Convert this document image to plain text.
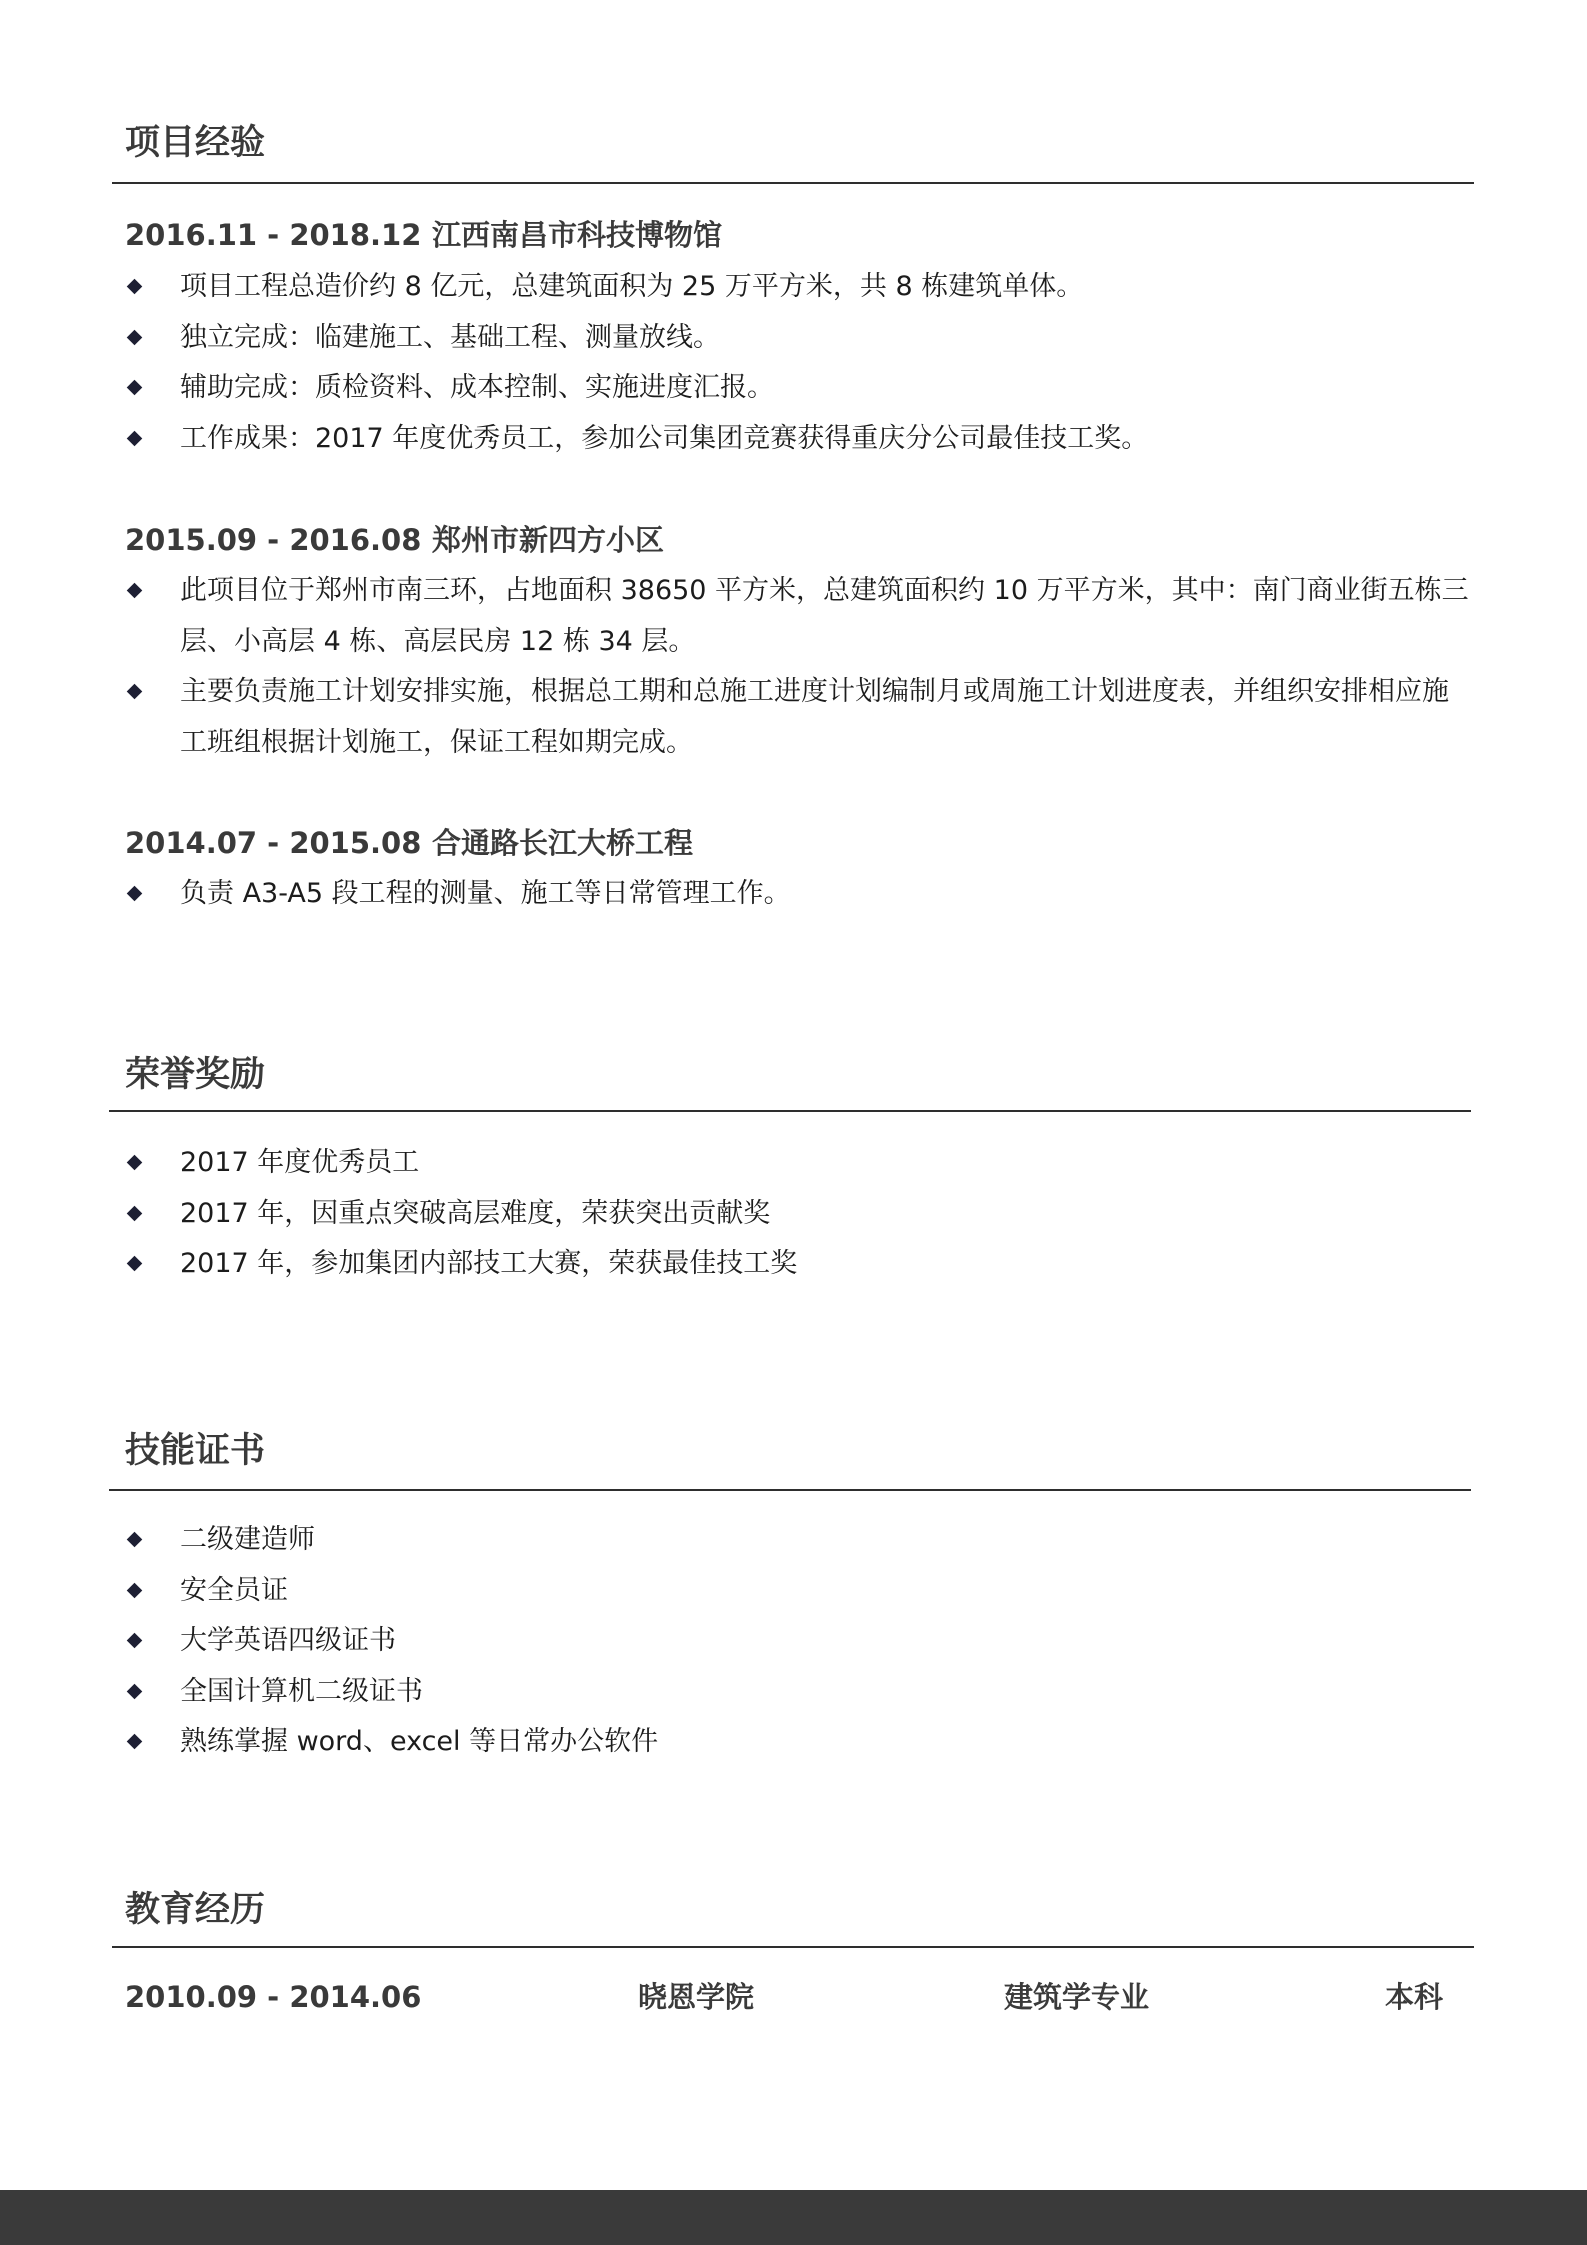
项目经验
2016.11 - 2018.12 江西南昌市科技博物馆
项目工程总造价约 8 亿元，总建筑面积为 25 万平方米，共 8 栋建筑单体。
独立完成：临建施工、基础工程、测量放线。
辅助完成：质检资料、成本控制、实施进度汇报。
工作成果：2017 年度优秀员工，参加公司集团竞赛获得重庆分公司最佳技工奖。
2015.09 - 2016.08 郑州市新四方小区
此项目位于郑州市南三环，占地面积 38650 平方米，总建筑面积约 10 万平方米，其中：南门商业街五栋三层、小高层 4 栋、高层民房 12 栋 34 层。
主要负责施工计划安排实施，根据总工期和总施工进度计划编制月或周施工计划进度表，并组织安排相应施工班组根据计划施工，保证工程如期完成。
2014.07 - 2015.08 合通路长江大桥工程
负责 A3-A5 段工程的测量、施工等日常管理工作。
荣誉奖励
2017 年度优秀员工
2017 年，因重点突破高层难度，荣获突出贡献奖
2017 年，参加集团内部技工大赛，荣获最佳技工奖
技能证书
二级建造师
安全员证
大学英语四级证书
全国计算机二级证书
熟练掌握 word、excel 等日常办公软件
教育经历
2010.09 - 2014.06	晓恩学院	建筑学专业	本科
